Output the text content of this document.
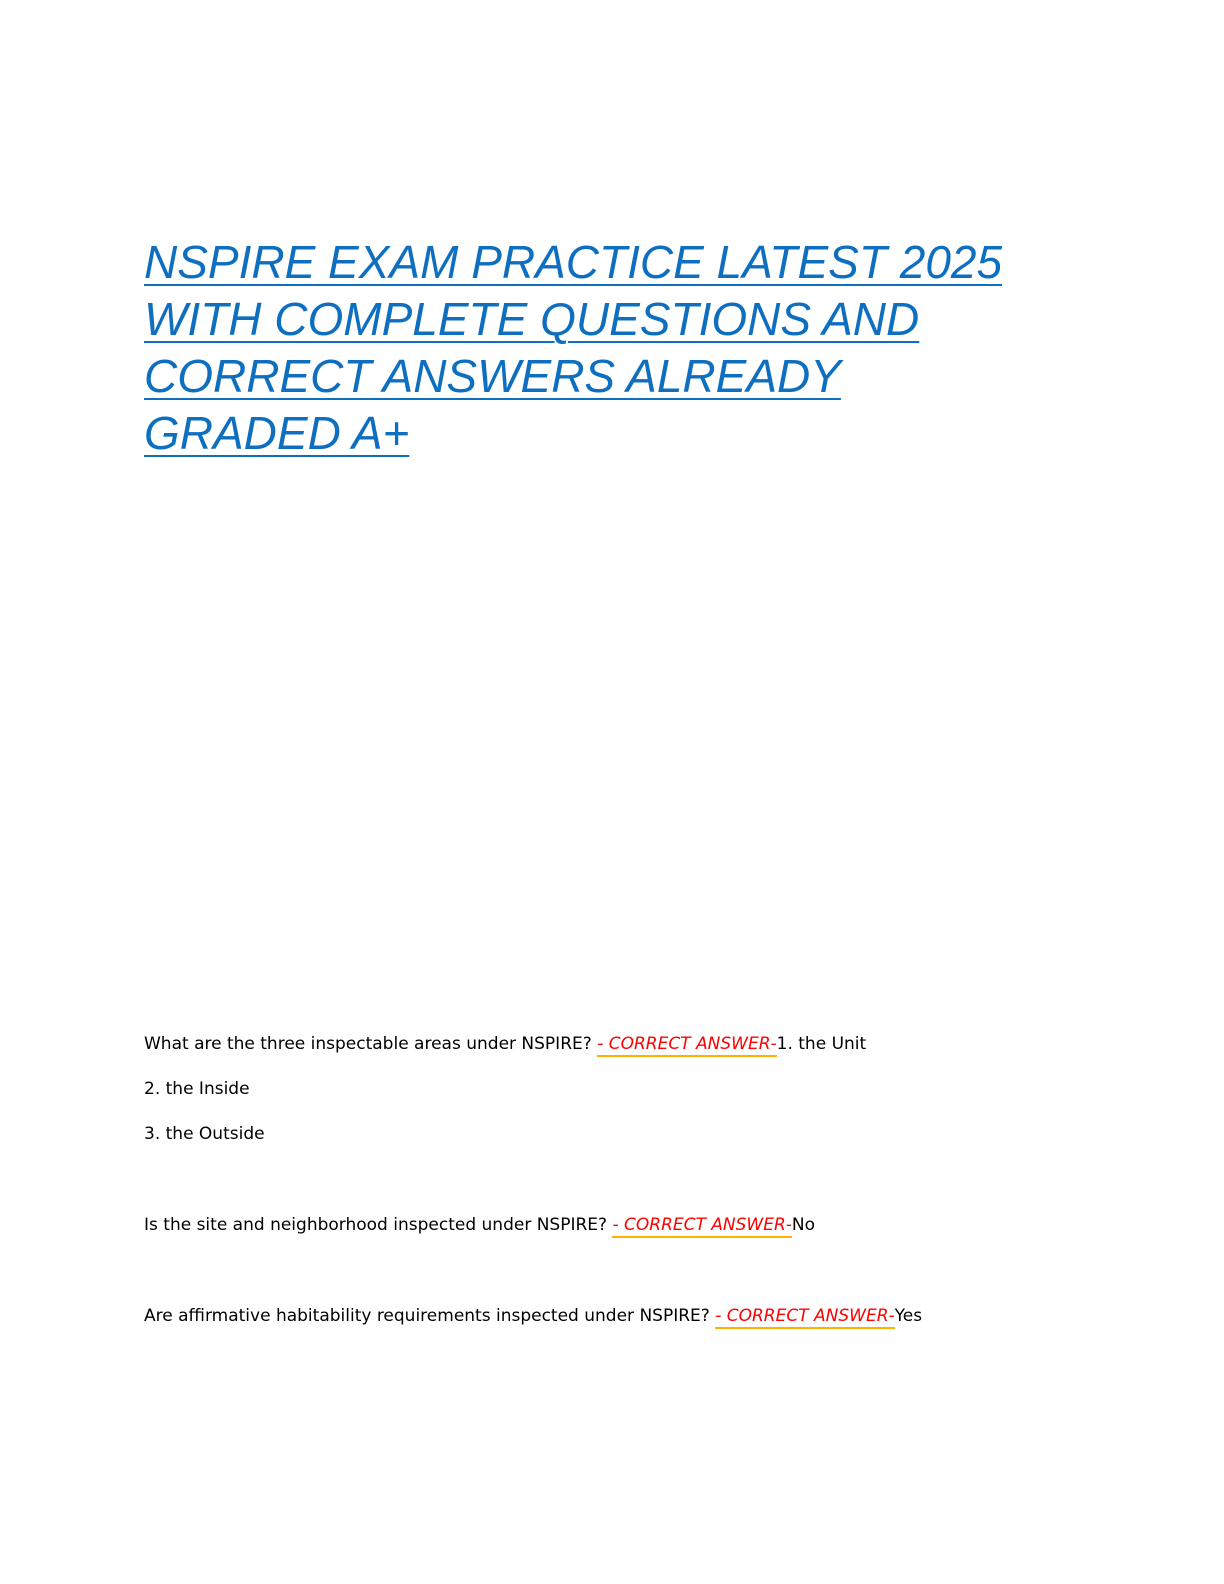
NSPIRE EXAM PRACTICE LATEST 2025
WITH COMPLETE QUESTIONS AND
CORRECT ANSWERS ALREADY
GRADED A+

What are the three inspectable areas under NSPIRE? - CORRECT ANSWER-1. the Unit

2. the Inside

3. the Outside

Is the site and neighborhood inspected under NSPIRE? - CORRECT ANSWER-No

Are affirmative habitability requirements inspected under NSPIRE? - CORRECT ANSWER-Yes
